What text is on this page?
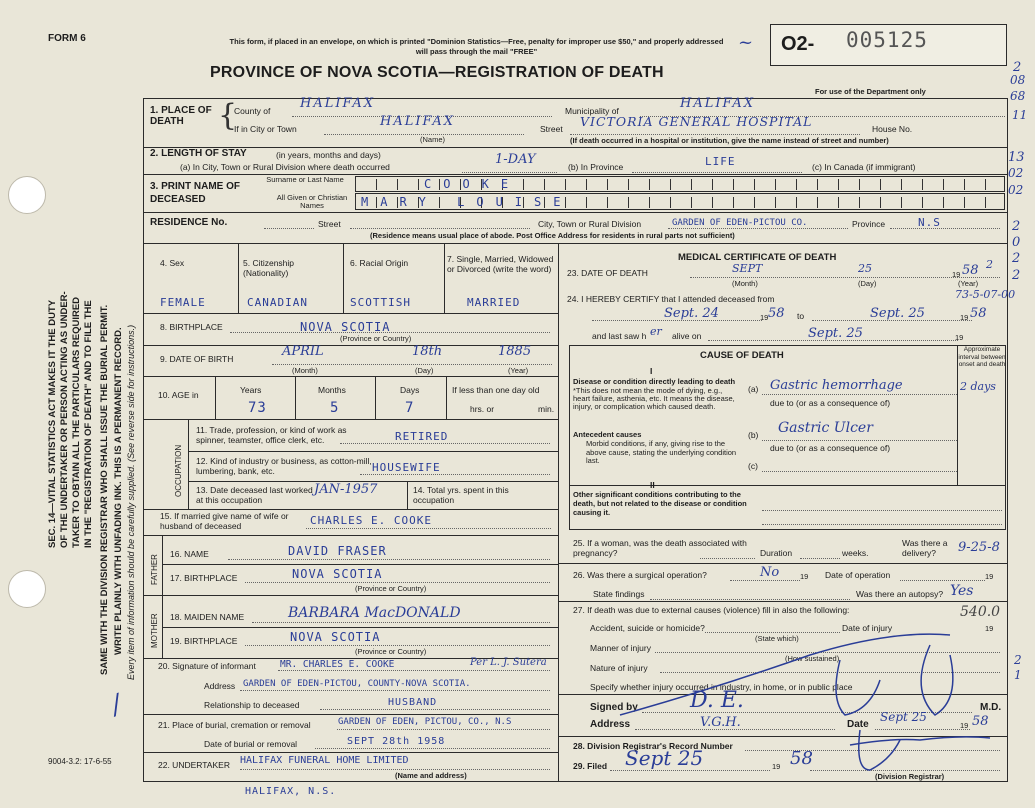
FORM 6	This form, if placed in an envelope, on which is printed "Dominion Statistics—Free, penalty for improper use $50," and properly addressed will pass through the mail "FREE"
PROVINCE OF NOVA SCOTIA—REGISTRATION OF DEATH
O2- 005125
~
For use of the Department only
2
08
68
11
13
02
02
2
0
2
2
SEC. 14—VITAL STATISTICS ACT MAKES IT THE DUTY OF THE UNDERTAKER OR PERSON ACTING AS UNDER- TAKER TO OBTAIN ALL THE PARTICULARS REQUIRED IN THE "REGISTRATION OF DEATH" AND TO FILE THE SAME WITH THE DIVISION REGISTRAR WHO SHALL ISSUE THE BURIAL PERMIT. WRITE PLAINLY WITH UNFADING INK. THIS IS A PERMANENT RECORD. Every item of information should be carefully supplied. (See reverse side for instructions.)
/
1. PLACE OF DEATH	{
County of HALIFAX	Municipality of	HALIFAX
If in City or Town	HALIFAX
(Name)
Street VICTORIA GENERAL HOSPITAL	House No.
(If death occurred in a hospital or institution, give the name instead of street and number)
2. LENGTH OF STAY	(in years, months and days)
(a) In City, Town or Rural Division where death occurred	1-DAY	(b) In Province	LIFE	(c) In Canada (if immigrant)
3. PRINT NAME OF DECEASED
Surname or Last Name
All Given or Christian Names
COOKE
MARY LOUISE
RESIDENCE No.	Street	City, Town or Rural Division	GARDEN OF EDEN-PICTOU CO.	Province	N.S
(Residence means usual place of abode. Post Office Address for residents in rural parts not sufficient)
4. Sex	5. Citizenship (Nationality)
6. Racial Origin	7. Single, Married, Widowed or Divorced (write the word)
FEMALE	CANADIAN	SCOTTISH	MARRIED
8. BIRTHPLACE	NOVA SCOTIA
(Province or Country)
9. DATE OF BIRTH	APRIL	18th	1885
(Month)	(Day)	(Year)
10. AGE in	Years	Months	Days
73	5	7
If less than one day old
hrs. or	min.
OCCUPATION
11. Trade, profession, or kind of work as spinner, teamster, office clerk, etc.	RETIRED
12. Kind of industry or business, as cotton-mill, lumbering, bank, etc.	HOUSEWIFE
13. Date deceased last worked at this occupation
JAN-1957	14. Total yrs. spent in this occupation
15. If married give name of wife or husband of deceased	CHARLES E. COOKE
FATHER
MOTHER
16. NAME	DAVID FRASER
17. BIRTHPLACE	NOVA SCOTIA
(Province or Country)
18. MAIDEN NAME	BARBARA MacDONALD
19. BIRTHPLACE	NOVA SCOTIA
(Province or Country)
20. Signature of informant	MR. CHARLES E. COOKE	Per L. J. Sutera
Address GARDEN OF EDEN-PICTOU, COUNTY-NOVA SCOTIA.
Relationship to deceased	HUSBAND
21. Place of burial, cremation or removal	GARDEN OF EDEN, PICTOU, CO., N.S
Date of burial or removal	SEPT 28th 1958
22. UNDERTAKER HALIFAX FUNERAL HOME LIMITED
(Name and address)
HALIFAX, N.S.
9004-3.2: 17-6-55
MEDICAL CERTIFICATE OF DEATH
23. DATE OF DEATH	SEPT	25	19 58 2
(Month)	(Day)	(Year)
24. I HEREBY CERTIFY that I attended deceased from	73-5-07-00
Sept. 24	19 58 to	Sept. 25	19 58
and last saw h er alive on	Sept. 25	19
CAUSE OF DEATH
Approximate interval between onset and death
I
Disease or condition directly leading to death
*This does not mean the mode of dying, e.g., heart failure, asthenia, etc. It means the disease, injury, or complication which caused death.
(a) Gastric hemorrhage	2 days
due to (or as a consequence of)
Antecedent causes
Morbid conditions, if any, giving rise to the above cause, stating the underlying condition last.
(b) Gastric Ulcer
due to (or as a consequence of)
(c)
II
Other significant conditions contributing to the death, but not related to the disease or condition causing it.
25. If a woman, was the death associated with pregnancy?	Duration	weeks.
Was there a delivery?	9-25-8
26. Was there a surgical operation?	No	19 Date of operation	19
State findings	Was there an autopsy? Yes
27. If death was due to external causes (violence) fill in also the following:	540.0
Accident, suicide or homicide?
(State which)
Date of injury	19
Manner of injury
(How sustained)
Nature of injury
Specify whether injury occurred in industry, in home, or in public place
2
1
Signed by D. E.	M.D.
Address	V.G.H.	Date
Sept 25
19 58
28. Division Registrar's Record Number
29. Filed Sept 25	19 58
(Division Registrar)
